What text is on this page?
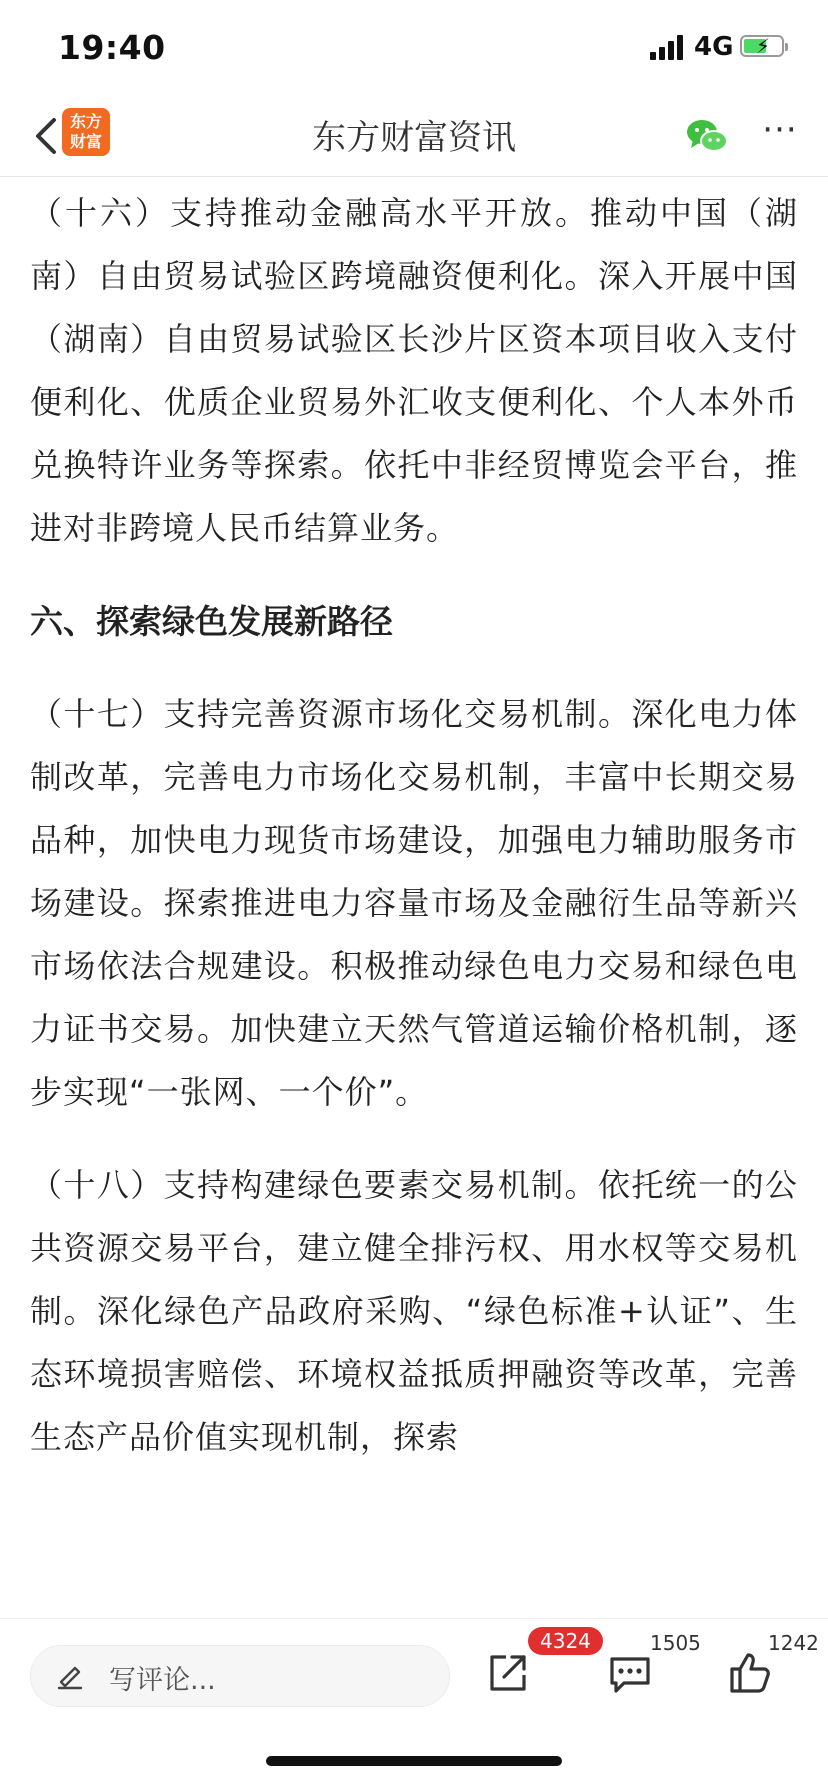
19:40	4G ⚡
东方
财富	东方财富资讯	···

（十六）支持推动金融高水平开放。推动中国（湖南）自由贸易试验区跨境融资便利化。深入开展中国（湖南）自由贸易试验区长沙片区资本项目收入支付便利化、优质企业贸易外汇收支便利化、个人本外币兑换特许业务等探索。依托中非经贸博览会平台，推进对非跨境人民币结算业务。

六、探索绿色发展新路径

（十七）支持完善资源市场化交易机制。深化电力体制改革，完善电力市场化交易机制，丰富中长期交易品种，加快电力现货市场建设，加强电力辅助服务市场建设。探索推进电力容量市场及金融衍生品等新兴市场依法合规建设。积极推动绿色电力交易和绿色电力证书交易。加快建立天然气管道运输价格机制，逐步实现“一张网、一个价”。

（十八）支持构建绿色要素交易机制。依托统一的公共资源交易平台，建立健全排污权、用水权等交易机制。深化绿色产品政府采购、“绿色标准+认证”、生态环境损害赔偿、环境权益抵质押融资等改革，完善生态产品价值实现机制，探索

写评论...
4324	1505	1242
